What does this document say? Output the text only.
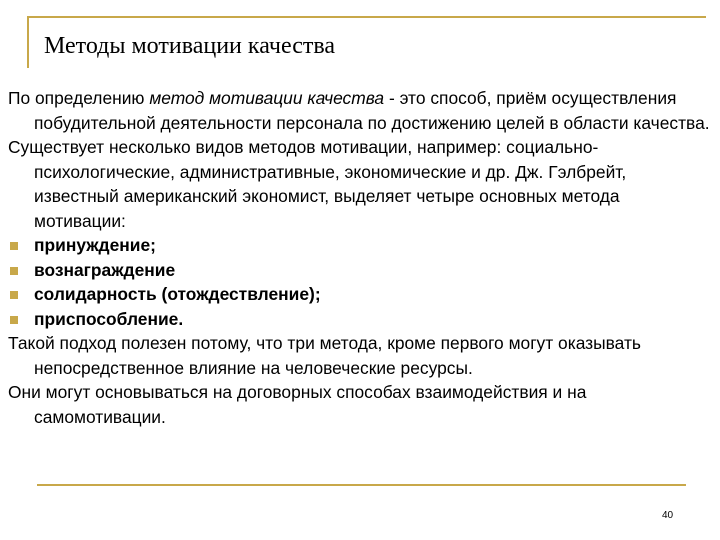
Методы мотивации качества

По определению метод мотивации качества - это способ, приём осуществления побудительной деятельности персонала по достижению целей в области качества.

Существует несколько видов методов мотивации, например: социально-психологические, административные, экономические и др. Дж. Гэлбрейт, известный американский экономист, выделяет четыре основных метода мотивации:

принуждение;
вознаграждение
солидарность (отождествление);
приспособление.

Такой подход полезен потому, что три метода, кроме первого могут оказывать непосредственное влияние на человеческие ресурсы.

Они могут основываться на договорных способах взаимодействия и на самомотивации.

40
